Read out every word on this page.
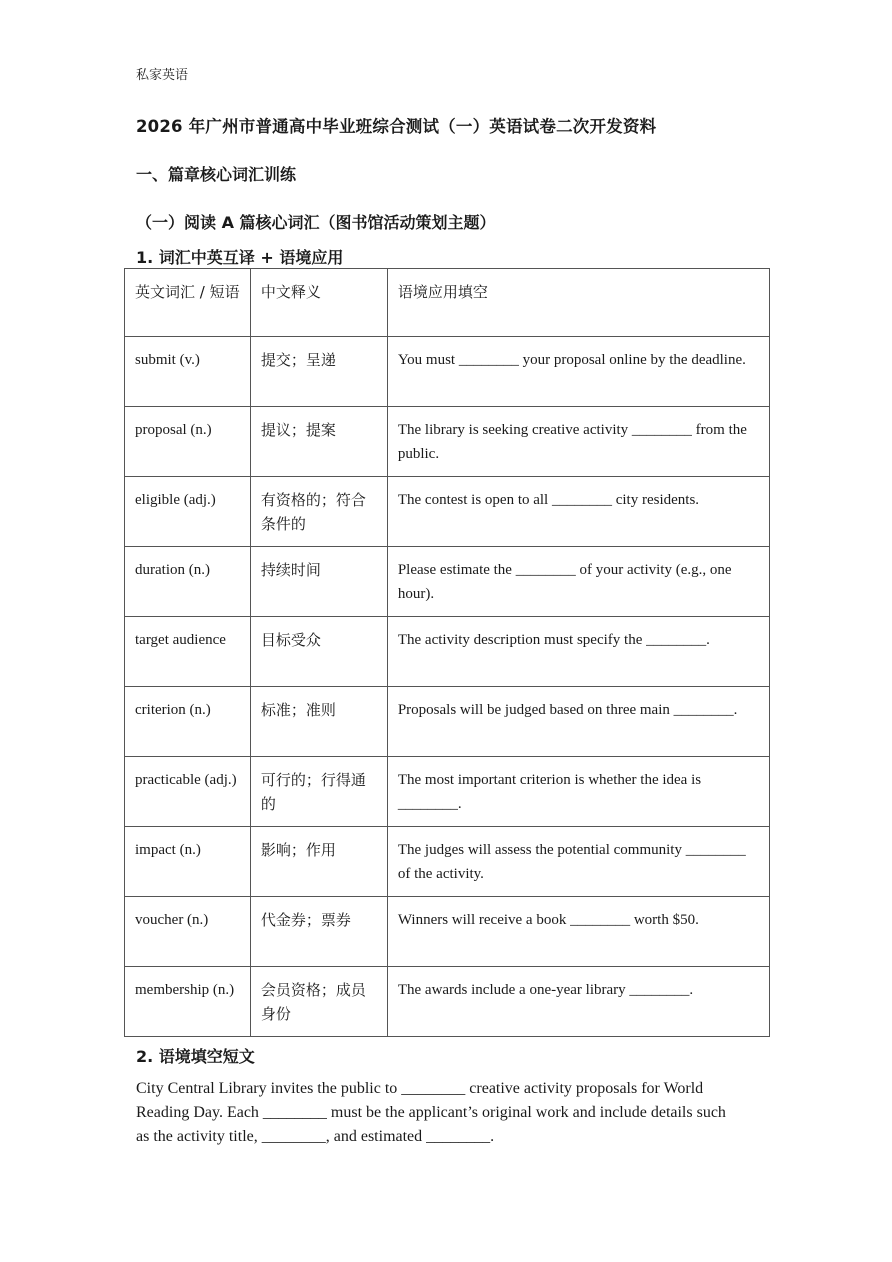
私家英语
2026 年广州市普通高中毕业班综合测试（一）英语试卷二次开发资料
一、篇章核心词汇训练
（一）阅读 A 篇核心词汇（图书馆活动策划主题）
1. 词汇中英互译 + 语境应用
英文词汇 / 短语	中文释义	语境应用填空
submit (v.)	提交；呈递	You must ________ your proposal online by the deadline.
proposal (n.)	提议；提案	The library is seeking creative activity ________ from the public.
eligible (adj.)	有资格的；符合条件的	The contest is open to all ________ city residents.
duration (n.)	持续时间	Please estimate the ________ of your activity (e.g., one hour).
target audience	目标受众	The activity description must specify the ________.
criterion (n.)	标准；准则	Proposals will be judged based on three main ________.
practicable (adj.)	可行的；行得通的	The most important criterion is whether the idea is ________.
impact (n.)	影响；作用	The judges will assess the potential community ________ of the activity.
voucher (n.)	代金券；票券	Winners will receive a book ________ worth $50.
membership (n.)	会员资格；成员身份	The awards include a one-year library ________.
2. 语境填空短文
City Central Library invites the public to ________ creative activity proposals for World Reading Day. Each ________ must be the applicant’s original work and include details such as the activity title, ________, and estimated ________.
